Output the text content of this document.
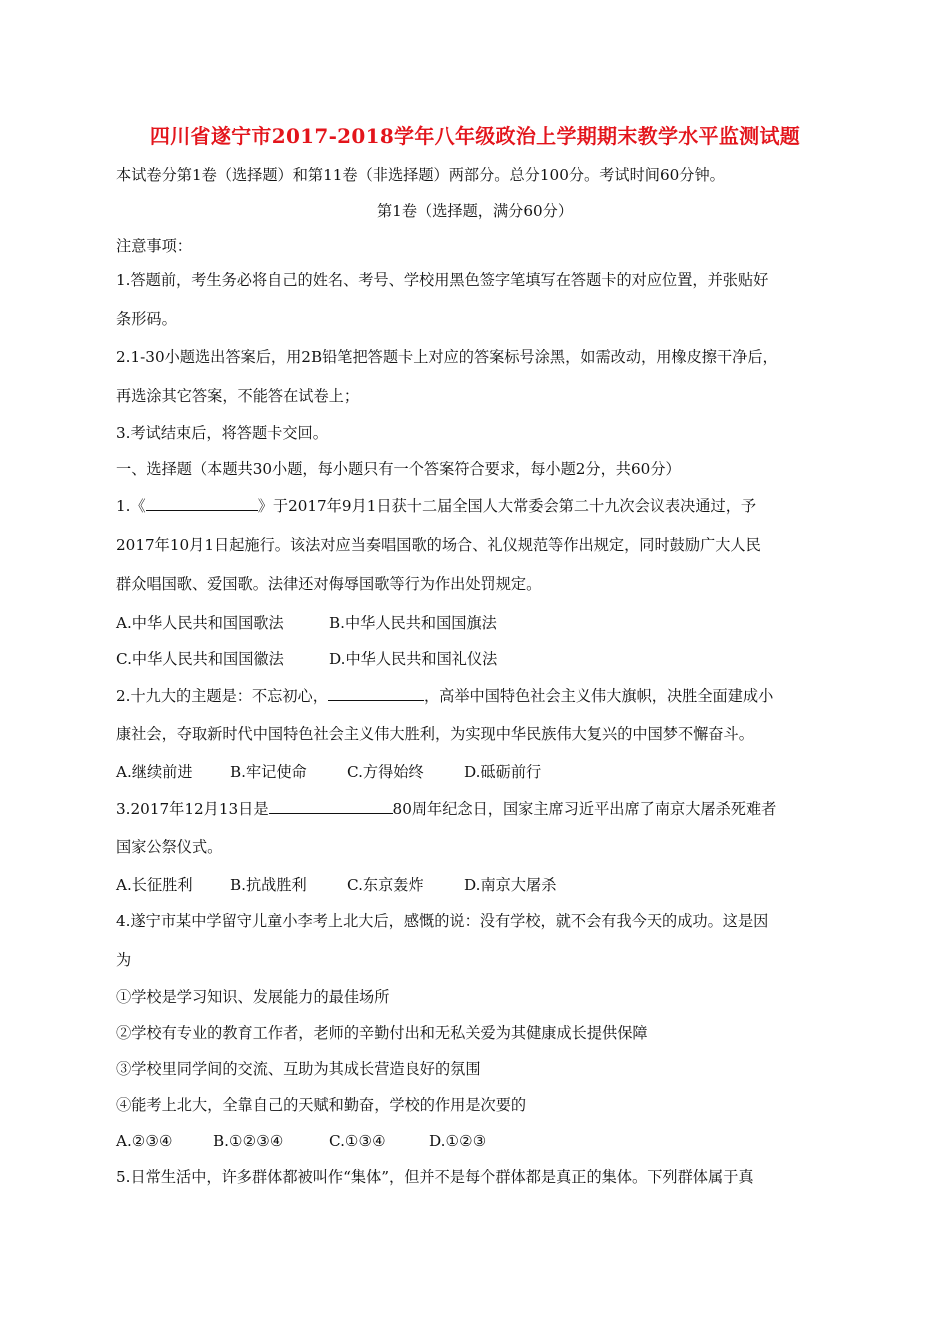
四川省遂宁市2017-2018学年八年级政治上学期期末教学水平监测试题
本试卷分第1卷（选择题）和第11卷（非选择题）两部分。总分100分。考试时间60分钟。
第1卷（选择题，满分60分）
注意事项：
1.答题前，考生务必将自己的姓名、考号、学校用黑色签字笔填写在答题卡的对应位置，并张贴好
条形码。
2.1-30小题选出答案后，用2B铅笔把答题卡上对应的答案标号涂黑，如需改动，用橡皮擦干净后，
再选涂其它答案，不能答在试卷上；
3.考试结束后，将答题卡交回。
一、选择题（本题共30小题，每小题只有一个答案符合要求，每小题2分，共60分）
1.《	》于2017年9月1日获十二届全国人大常委会第二十九次会议表决通过，予
2017年10月1日起施行。该法对应当奏唱国歌的场合、礼仪规范等作出规定，同时鼓励广大人民
群众唱国歌、爱国歌。法律还对侮辱国歌等行为作出处罚规定。
A.中华人民共和国国歌法	B.中华人民共和国国旗法
C.中华人民共和国国徽法	D.中华人民共和国礼仪法
2.十九大的主题是：不忘初心，	，高举中国特色社会主义伟大旗帜，决胜全面建成小
康社会，夺取新时代中国特色社会主义伟大胜利，为实现中华民族伟大复兴的中国梦不懈奋斗。
A.继续前进 B.牢记使命	C.方得始终	D.砥砺前行
3.2017年12月13日是	80周年纪念日，国家主席习近平出席了南京大屠杀死难者
国家公祭仪式。
A.长征胜利 B.抗战胜利	C.东京轰炸	D.南京大屠杀
4.遂宁市某中学留守儿童小李考上北大后，感慨的说：没有学校，就不会有我今天的成功。这是因
为
①学校是学习知识、发展能力的最佳场所
②学校有专业的教育工作者，老师的辛勤付出和无私关爱为其健康成长提供保障
③学校里同学间的交流、互助为其成长营造良好的氛围
④能考上北大，全靠自己的天赋和勤奋，学校的作用是次要的
A.②③④	B.①②③④	C.①③④	D.①②③
5.日常生活中，许多群体都被叫作“集体”，但并不是每个群体都是真正的集体。下列群体属于真
